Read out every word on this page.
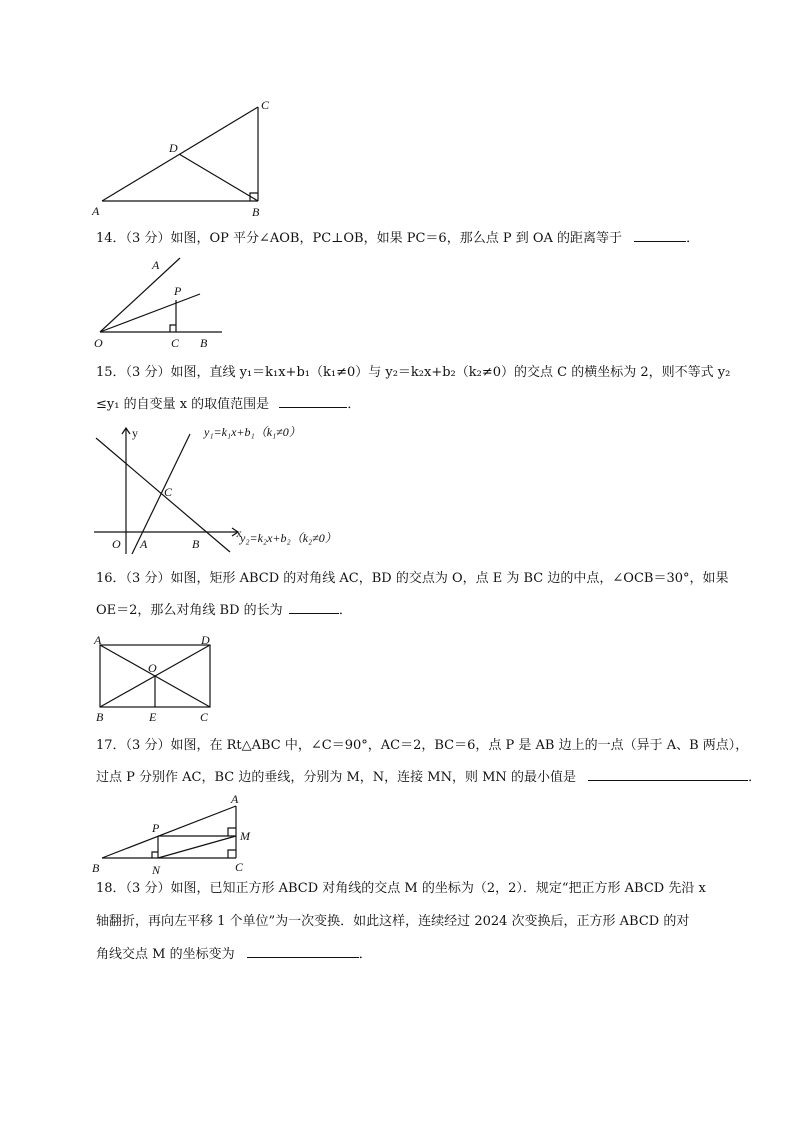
A	B
C
D
14．（3 分）如图，OP 平分∠AOB，PC⊥OB，如果 PC＝6，那么点 P 到 OA 的距离等于	．
O
A
P
C B
15．（3 分）如图，直线 y₁＝k₁x+b₁（k₁≠0）与 y₂＝k₂x+b₂（k₂≠0）的交点 C 的横坐标为 2，则不等式 y₂
≤y₁ 的自变量 x 的取值范围是	．
y
x
O A	B
C
y₁=k₁x+b₁（k₁≠0）
y₂=k₂x+b₂（k₂≠0）
16．（3 分）如图，矩形 ABCD 的对角线 AC，BD 的交点为 O，点 E 为 BC 边的中点，∠OCB＝30°，如果
OE＝2，那么对角线 BD 的长为	．
A	D
O
B	E	C
17．（3 分）如图，在 Rt△ABC 中，∠C＝90°，AC＝2，BC＝6，点 P 是 AB 边上的一点（异于 A、B 两点），
过点 P 分别作 AC，BC 边的垂线，分别为 M，N，连接 MN，则 MN 的最小值是	．
A
P
M
B	N	C
18．（3 分）如图，已知正方形 ABCD 对角线的交点 M 的坐标为（2，2）．规定“把正方形 ABCD 先沿 x
轴翻折，再向左平移 1 个单位”为一次变换．如此这样，连续经过 2024 次变换后，正方形 ABCD 的对
角线交点 M 的坐标变为	．
